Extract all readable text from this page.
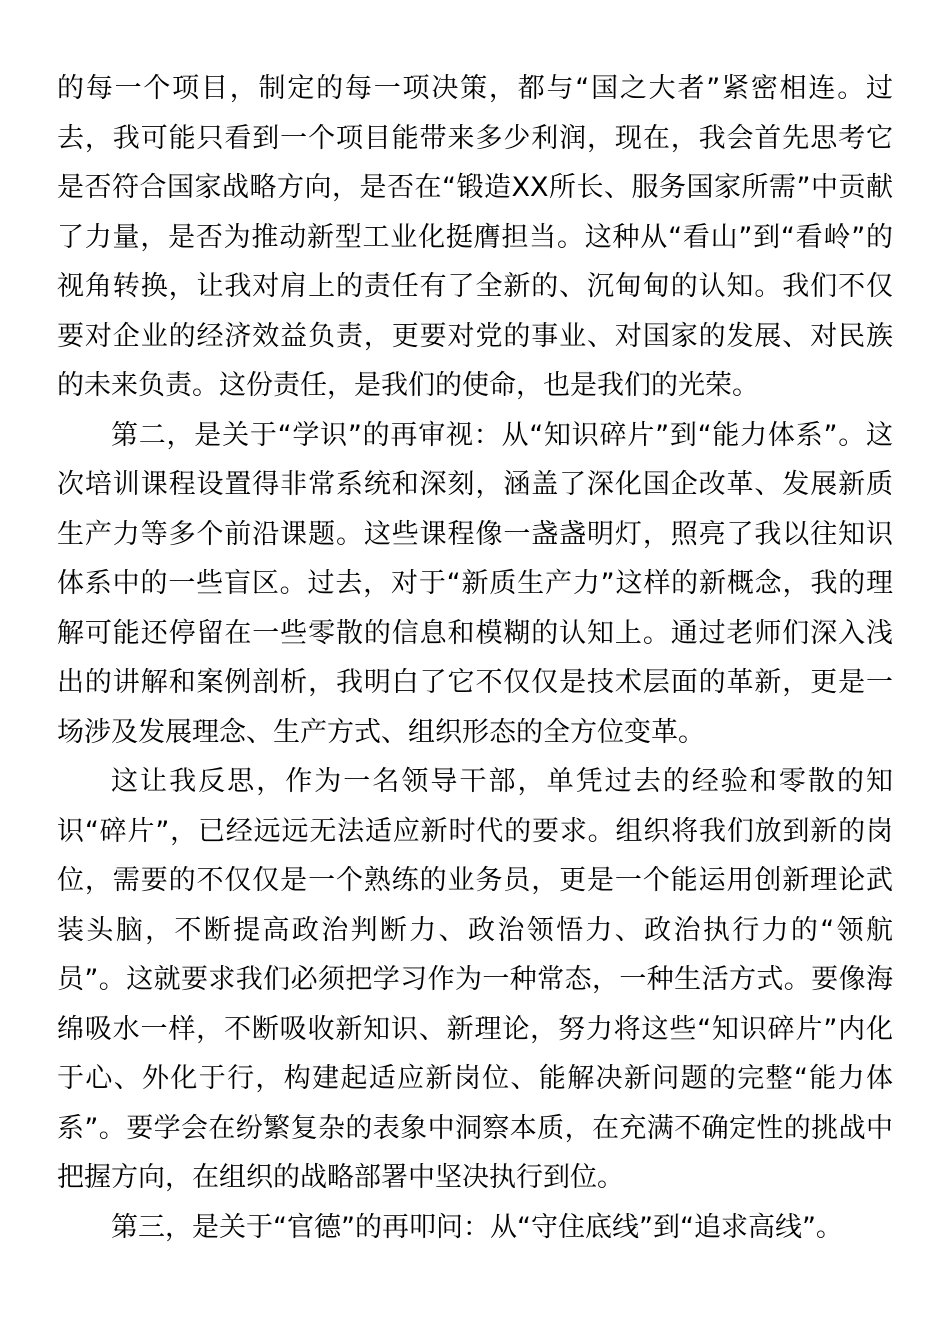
的每一个项目，制定的每一项决策，都与“国之大者”紧密相连。过去，我可能只看到一个项目能带来多少利润，现在，我会首先思考它是否符合国家战略方向，是否在“锻造XX所长、服务国家所需”中贡献了力量，是否为推动新型工业化挺膺担当。这种从“看山”到“看岭”的视角转换，让我对肩上的责任有了全新的、沉甸甸的认知。我们不仅要对企业的经济效益负责，更要对党的事业、对国家的发展、对民族的未来负责。这份责任，是我们的使命，也是我们的光荣。

第二，是关于“学识”的再审视：从“知识碎片”到“能力体系”。这次培训课程设置得非常系统和深刻，涵盖了深化国企改革、发展新质生产力等多个前沿课题。这些课程像一盏盏明灯，照亮了我以往知识体系中的一些盲区。过去，对于“新质生产力”这样的新概念，我的理解可能还停留在一些零散的信息和模糊的认知上。通过老师们深入浅出的讲解和案例剖析，我明白了它不仅仅是技术层面的革新，更是一场涉及发展理念、生产方式、组织形态的全方位变革。

这让我反思，作为一名领导干部，单凭过去的经验和零散的知识“碎片”，已经远远无法适应新时代的要求。组织将我们放到新的岗位，需要的不仅仅是一个熟练的业务员，更是一个能运用创新理论武装头脑，不断提高政治判断力、政治领悟力、政治执行力的“领航员”。这就要求我们必须把学习作为一种常态，一种生活方式。要像海绵吸水一样，不断吸收新知识、新理论，努力将这些“知识碎片”内化于心、外化于行，构建起适应新岗位、能解决新问题的完整“能力体系”。要学会在纷繁复杂的表象中洞察本质，在充满不确定性的挑战中把握方向，在组织的战略部署中坚决执行到位。

第三，是关于“官德”的再叩问：从“守住底线”到“追求高线”。
